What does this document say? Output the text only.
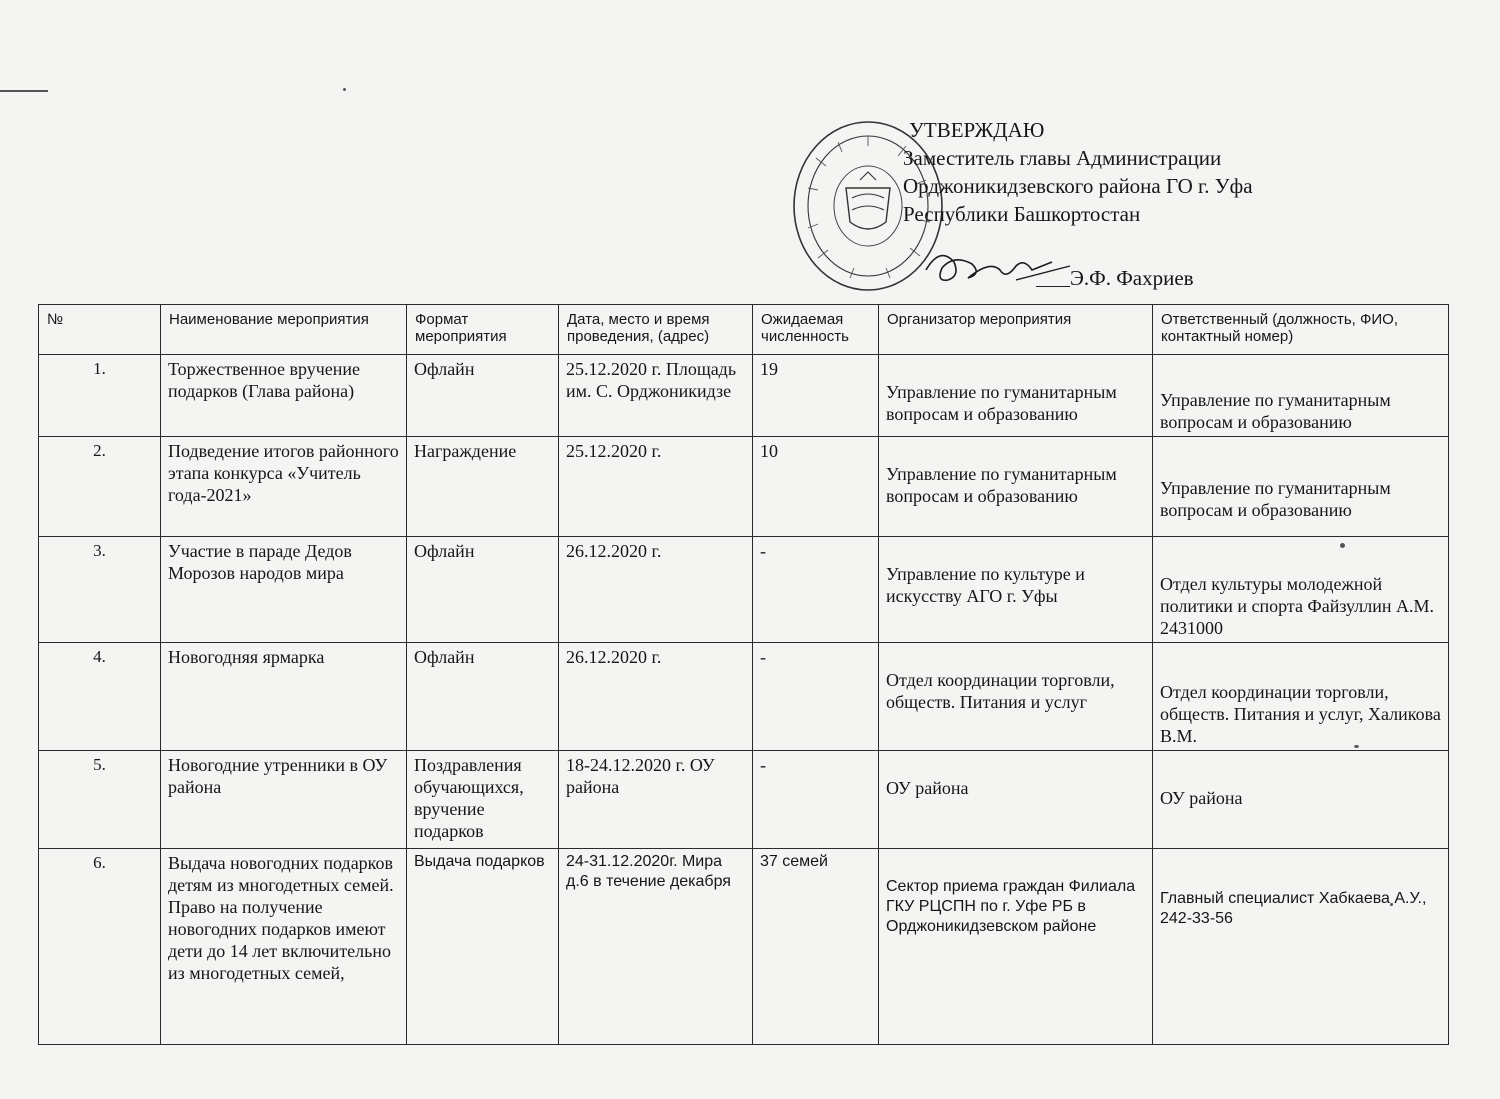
УТВЕРЖДАЮ
Заместитель главы Администрации
Орджоникидзевского района ГО г. Уфа
Республики Башкортостан
Э.Ф. Фахриев
№	Наименование мероприятия	Формат мероприятия	Дата, место и время проведения, (адрес)	Ожидаемая численность	Организатор мероприятия	Ответственный (должность, ФИО, контактный номер)
1.	Торжественное вручение подарков (Глава района)	Офлайн	25.12.2020 г. Площадь им. С. Орджоникидзе	19	Управление по гуманитарным вопросам и образованию	Управление по гуманитарным вопросам и образованию
2.	Подведение итогов районного этапа конкурса «Учитель года-2021»	Награждение	25.12.2020 г.	10	Управление по гуманитарным вопросам и образованию	Управление по гуманитарным вопросам и образованию
3.	Участие в параде Дедов Морозов народов мира	Офлайн	26.12.2020 г.	-	Управление по культуре и искусству АГО г. Уфы	Отдел культуры молодежной политики и спорта Файзуллин А.М. 2431000
4.	Новогодняя ярмарка	Офлайн	26.12.2020 г.	-	Отдел координации торговли, обществ. Питания и услуг	Отдел координации торговли, обществ. Питания и услуг, Халикова В.М.
5.	Новогодние утренники в ОУ района	Поздравления обучающихся, вручение подарков	18-24.12.2020 г. ОУ района	-	ОУ района	ОУ района
6.	Выдача новогодних подарков детям из многодетных семей. Право на получение новогодних подарков имеют дети до 14 лет включительно из многодетных семей,	Выдача подарков	24-31.12.2020г. Мира д.6 в течение декабря	37 семей	Сектор приема граждан Филиала ГКУ РЦСПН по г. Уфе РБ в Орджоникидзевском районе	Главный специалист Хабкаева А.У., 242-33-56
